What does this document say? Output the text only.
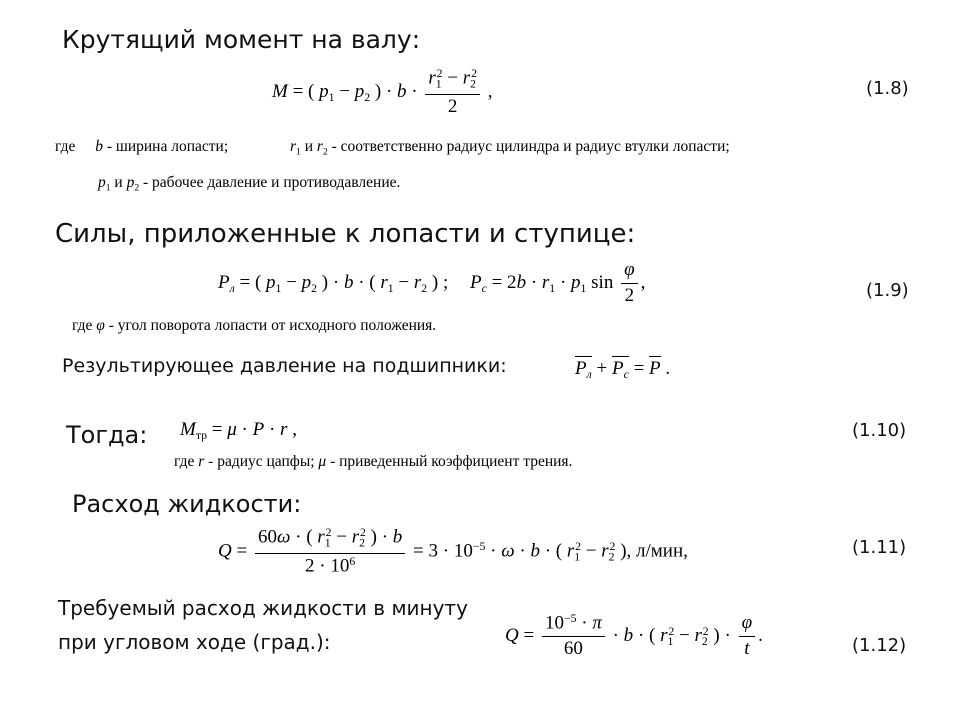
Крутящий момент на валу:
M = ( $p_1 - p_2$ ) · $b \cdot \frac{r_1^2 - r_2^2}{2}$ ,	(1.8)
где b - ширина лопасти;	$r_1$ и $r_2$ - соответственно радиус цилиндра и радиус втулки лопасти;
$p_1$ и $p_2$ - рабочее давление и противодавление.
Силы, приложенные к лопасти и ступице:
$P_л$ = ( $p_1 - p_2$ ) · b · ( $r_1 - r_2$ ) ; $P_с = 2b \cdot r_1 \cdot p_1$ $\sin \frac{\varphi}{2}$ ,	(1.9)
где φ - угол поворота лопасти от исходного положения.
Результирующее давление на подшипники:	$P_л + P_с = P$ .
Тогда: $M_{тр} = \mu \cdot P \cdot r$ ,	(1.10)
где r - радиус цапфы; μ - приведенный коэффициент трения.
Расход жидкости:
$Q = \frac{60\omega \cdot ( r_1^2 - r_2^2 ) \cdot b}{2 \cdot 10^6} = 3 \cdot 10^{-5} \cdot \omega \cdot b$ · ( $r_1^2 - r_2^2$ ), л/мин,	(1.11)
Требуемый расход жидкости в минуту
при угловом ходе (град.):	$Q = \frac{10^{-5} \cdot \pi}{60} \cdot b$ · ( $r_1^2 - r_2^2$ ) · $\frac{\varphi}{t}$ .	(1.12)
